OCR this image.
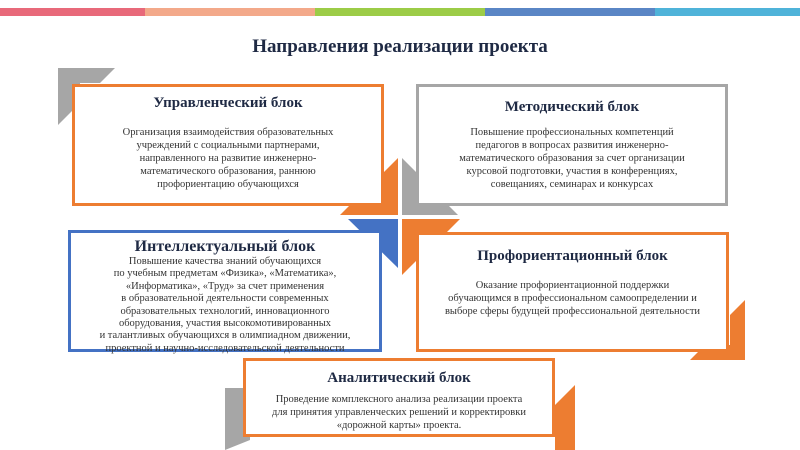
Направления реализации проекта
Управленческий блок
Организация взаимодействия образовательных
учреждений с социальными партнерами,
направленного на развитие инженерно-
математического образования, раннюю
профориентацию обучающихся
Методический блок
Повышение профессиональных компетенций
педагогов в вопросах развития инженерно-
математического образования за счет организации
курсовой подготовки, участия в конференциях,
совещаниях, семинарах и конкурсах
Интеллектуальный блок
Повышение качества знаний обучающихся
по учебным предметам «Физика», «Математика»,
«Информатика», «Труд» за счет применения
в образовательной деятельности современных
образовательных технологий, инновационного
оборудования, участия высокомотивированных
и талантливых обучающихся в олимпиадном движении,
проектной и научно-исследовательской деятельности
Профориентационный блок
Оказание профориентационной поддержки
обучающимся в профессиональном самоопределении и
выборе сферы будущей профессиональной деятельности
Аналитический блок
Проведение комплексного анализа реализации проекта
для принятия управленческих решений и корректировки
«дорожной карты» проекта.
